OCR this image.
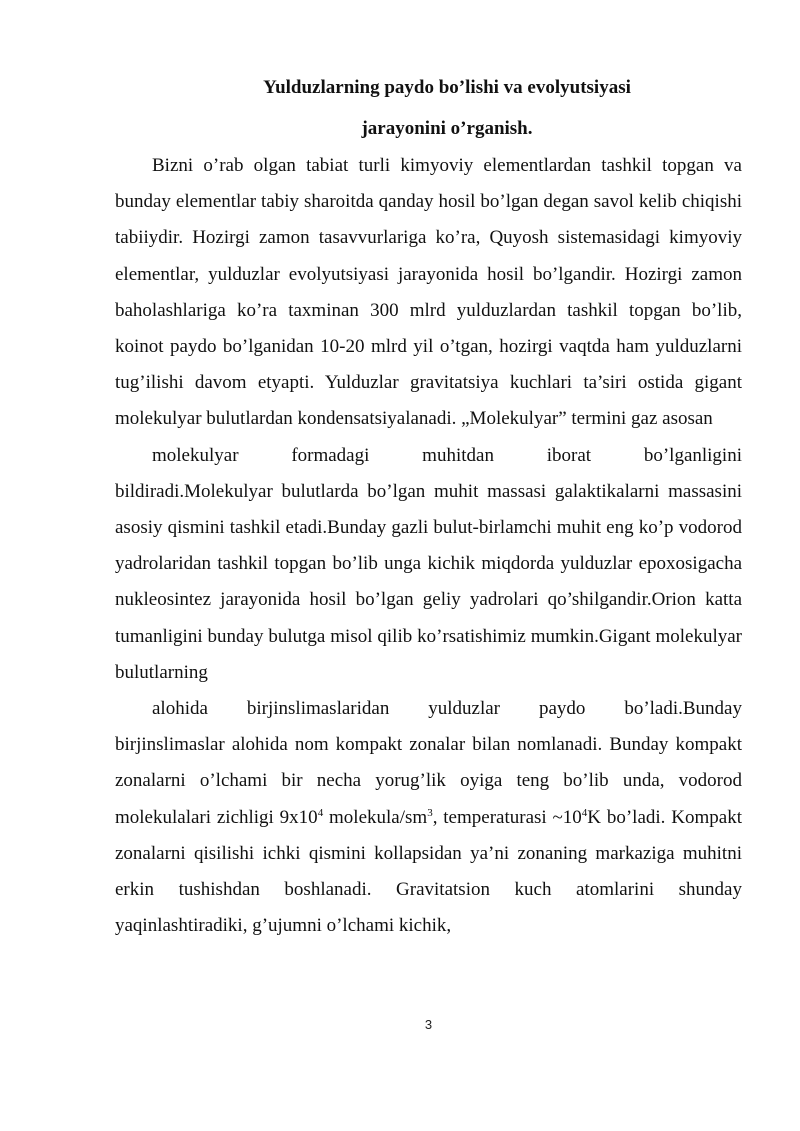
Yulduzlarning paydo bo’lishi va evolyutsiyasi
jarayonini o’rganish.

Bizni o’rab olgan tabiat turli kimyoviy elementlardan tashkil topgan va bunday elementlar tabiy sharoitda qanday hosil bo’lgan degan savol kelib chiqishi tabiiydir. Hozirgi zamon tasavvurlariga ko’ra, Quyosh sistemasidagi kimyoviy elementlar, yulduzlar evolyutsiyasi jarayonida hosil bo’lgandir. Hozirgi zamon baholashlariga ko’ra taxminan 300 mlrd yulduzlardan tashkil topgan bo’lib, koinot paydo bo’lganidan 10-20 mlrd yil o’tgan, hozirgi vaqtda ham yulduzlarni tug’ilishi davom etyapti. Yulduzlar gravitatsiya kuchlari ta’siri ostida gigant molekulyar bulutlardan kondensatsiyalanadi. „Molekulyar” termini gaz asosan
molekulyar formadagi muhitdan iborat bo’lganligini
bildiradi.Molekulyar bulutlarda bo’lgan muhit massasi galaktikalarni massasini asosiy qismini tashkil etadi.Bunday gazli bulut-birlamchi muhit eng ko’p vodorod yadrolaridan tashkil topgan bo’lib unga kichik miqdorda yulduzlar epoxosigacha nukleosintez jarayonida hosil bo’lgan geliy yadrolari qo’shilgandir.Orion katta tumanligini bunday bulutga misol qilib ko’rsatishimiz mumkin.Gigant molekulyar bulutlarning
alohida birjinslimaslaridan yulduzlar paydo bo’ladi.Bunday
birjinslimaslar alohida nom kompakt zonalar bilan nomlanadi. Bunday kompakt zonalarni o’lchami bir necha yorug’lik oyiga teng bo’lib unda, vodorod molekulalari zichligi $9x10^4$ molekula/$sm^3$, temperaturasi $\sim 10^4K$ bo’ladi. Kompakt zonalarni qisilishi ichki qismini kollapsidan ya’ni zonaning markaziga muhitni erkin tushishdan boshlanadi. Gravitatsion kuch atomlarini shunday yaqinlashtiradiki, g’ujumni o’lchami kichik,

3
